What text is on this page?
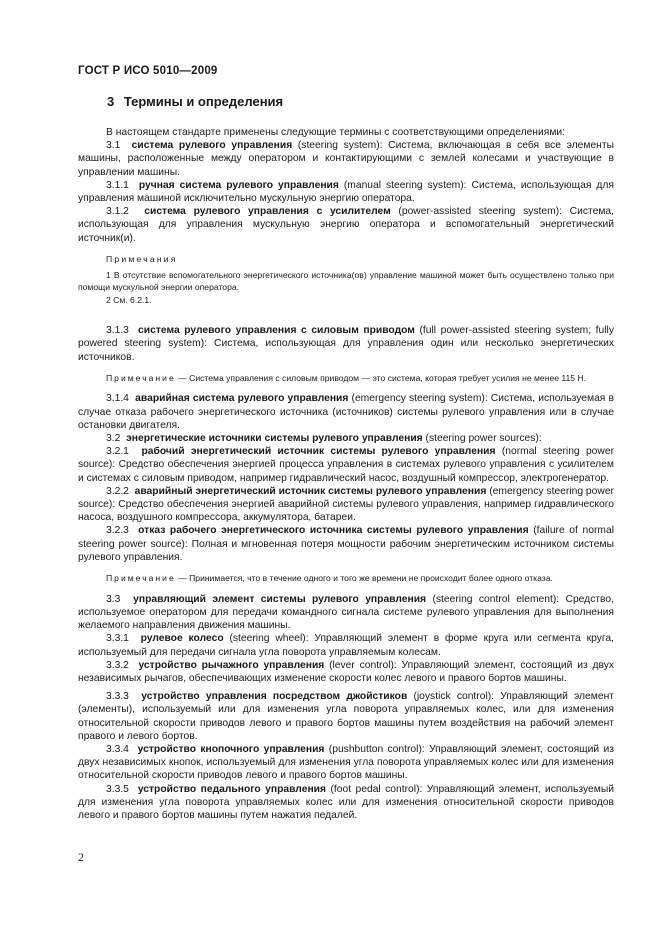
ГОСТ Р ИСО 5010—2009
3 Термины и определения

В настоящем стандарте применены следующие термины с соответствующими определениями:

3.1 система рулевого управления (steering system): Система, включающая в себя все элементы машины, расположенные между оператором и контактирующими с землей колесами и участвующие в управлении машины.

3.1.1 ручная система рулевого управления (manual steering system): Система, использующая для управления машиной исключительно мускульную энергию оператора.

3.1.2 система рулевого управления с усилителем (power-assisted steering system): Система, использующая для управления мускульную энергию оператора и вспомогательный энергетический источник(и).

Примечания

1 В отсутствие вспомогательного энергетического источника(ов) управление машиной может быть осуществлено только при помощи мускульной энергии оператора.

2 См. 6.2.1.

3.1.3 система рулевого управления с силовым приводом (full power-assisted steering system; fully powered steering system): Система, использующая для управления один или несколько энергетических источников.

Примечание — Система управления с силовым приводом — это система, которая требует усилия не менее 115 Н.

3.1.4 аварийная система рулевого управления (emergency steering system): Система, используемая в случае отказа рабочего энергетического источника (источников) системы рулевого управления или в случае остановки двигателя.

3.2 энергетические источники системы рулевого управления (steering power sources):

3.2.1 рабочий энергетический источник системы рулевого управления (normal steering power source): Средство обеспечения энергией процесса управления в системах рулевого управления с усилителем и системах с силовым приводом, например гидравлический насос, воздушный компрессор, электрогенератор.

3.2.2 аварийный энергетический источник системы рулевого управления (emergency steering power source): Средство обеспечения энергией аварийной системы рулевого управления, например гидравлического насоса, воздушного компрессора, аккумулятора, батареи.

3.2.3 отказ рабочего энергетического источника системы рулевого управления (failure of normal steering power source): Полная и мгновенная потеря мощности рабочим энергетическим источником системы рулевого управления.

Примечание — Принимается, что в течение одного и того же времени не происходит более одного отказа.

3.3 управляющий элемент системы рулевого управления (steering control element): Средство, используемое оператором для передачи командного сигнала системе рулевого управления для выполнения желаемого направления движения машины.

3.3.1 рулевое колесо (steering wheel): Управляющий элемент в форме круга или сегмента круга, используемый для передачи сигнала угла поворота управляемым колесам.

3.3.2 устройство рычажного управления (lever control): Управляющий элемент, состоящий из двух независимых рычагов, обеспечивающих изменение скорости колес левого и правого бортов машины.

3.3.3 устройство управления посредством джойстиков (joystick control): Управляющий элемент (элементы), используемый или для изменения угла поворота управляемых колес, или для изменения относительной скорости приводов левого и правого бортов машины путем воздействия на рабочий элемент правого и левого бортов.

3.3.4 устройство кнопочного управления (pushbutton control): Управляющий элемент, состоящий из двух независимых кнопок, используемый для изменения угла поворота управляемых колес или для изменения относительной скорости приводов левого и правого бортов машины.

3.3.5 устройство педального управления (foot pedal control): Управляющий элемент, используемый для изменения угла поворота управляемых колес или для изменения относительной скорости приводов левого и правого бортов машины путем нажатия педалей.

2
